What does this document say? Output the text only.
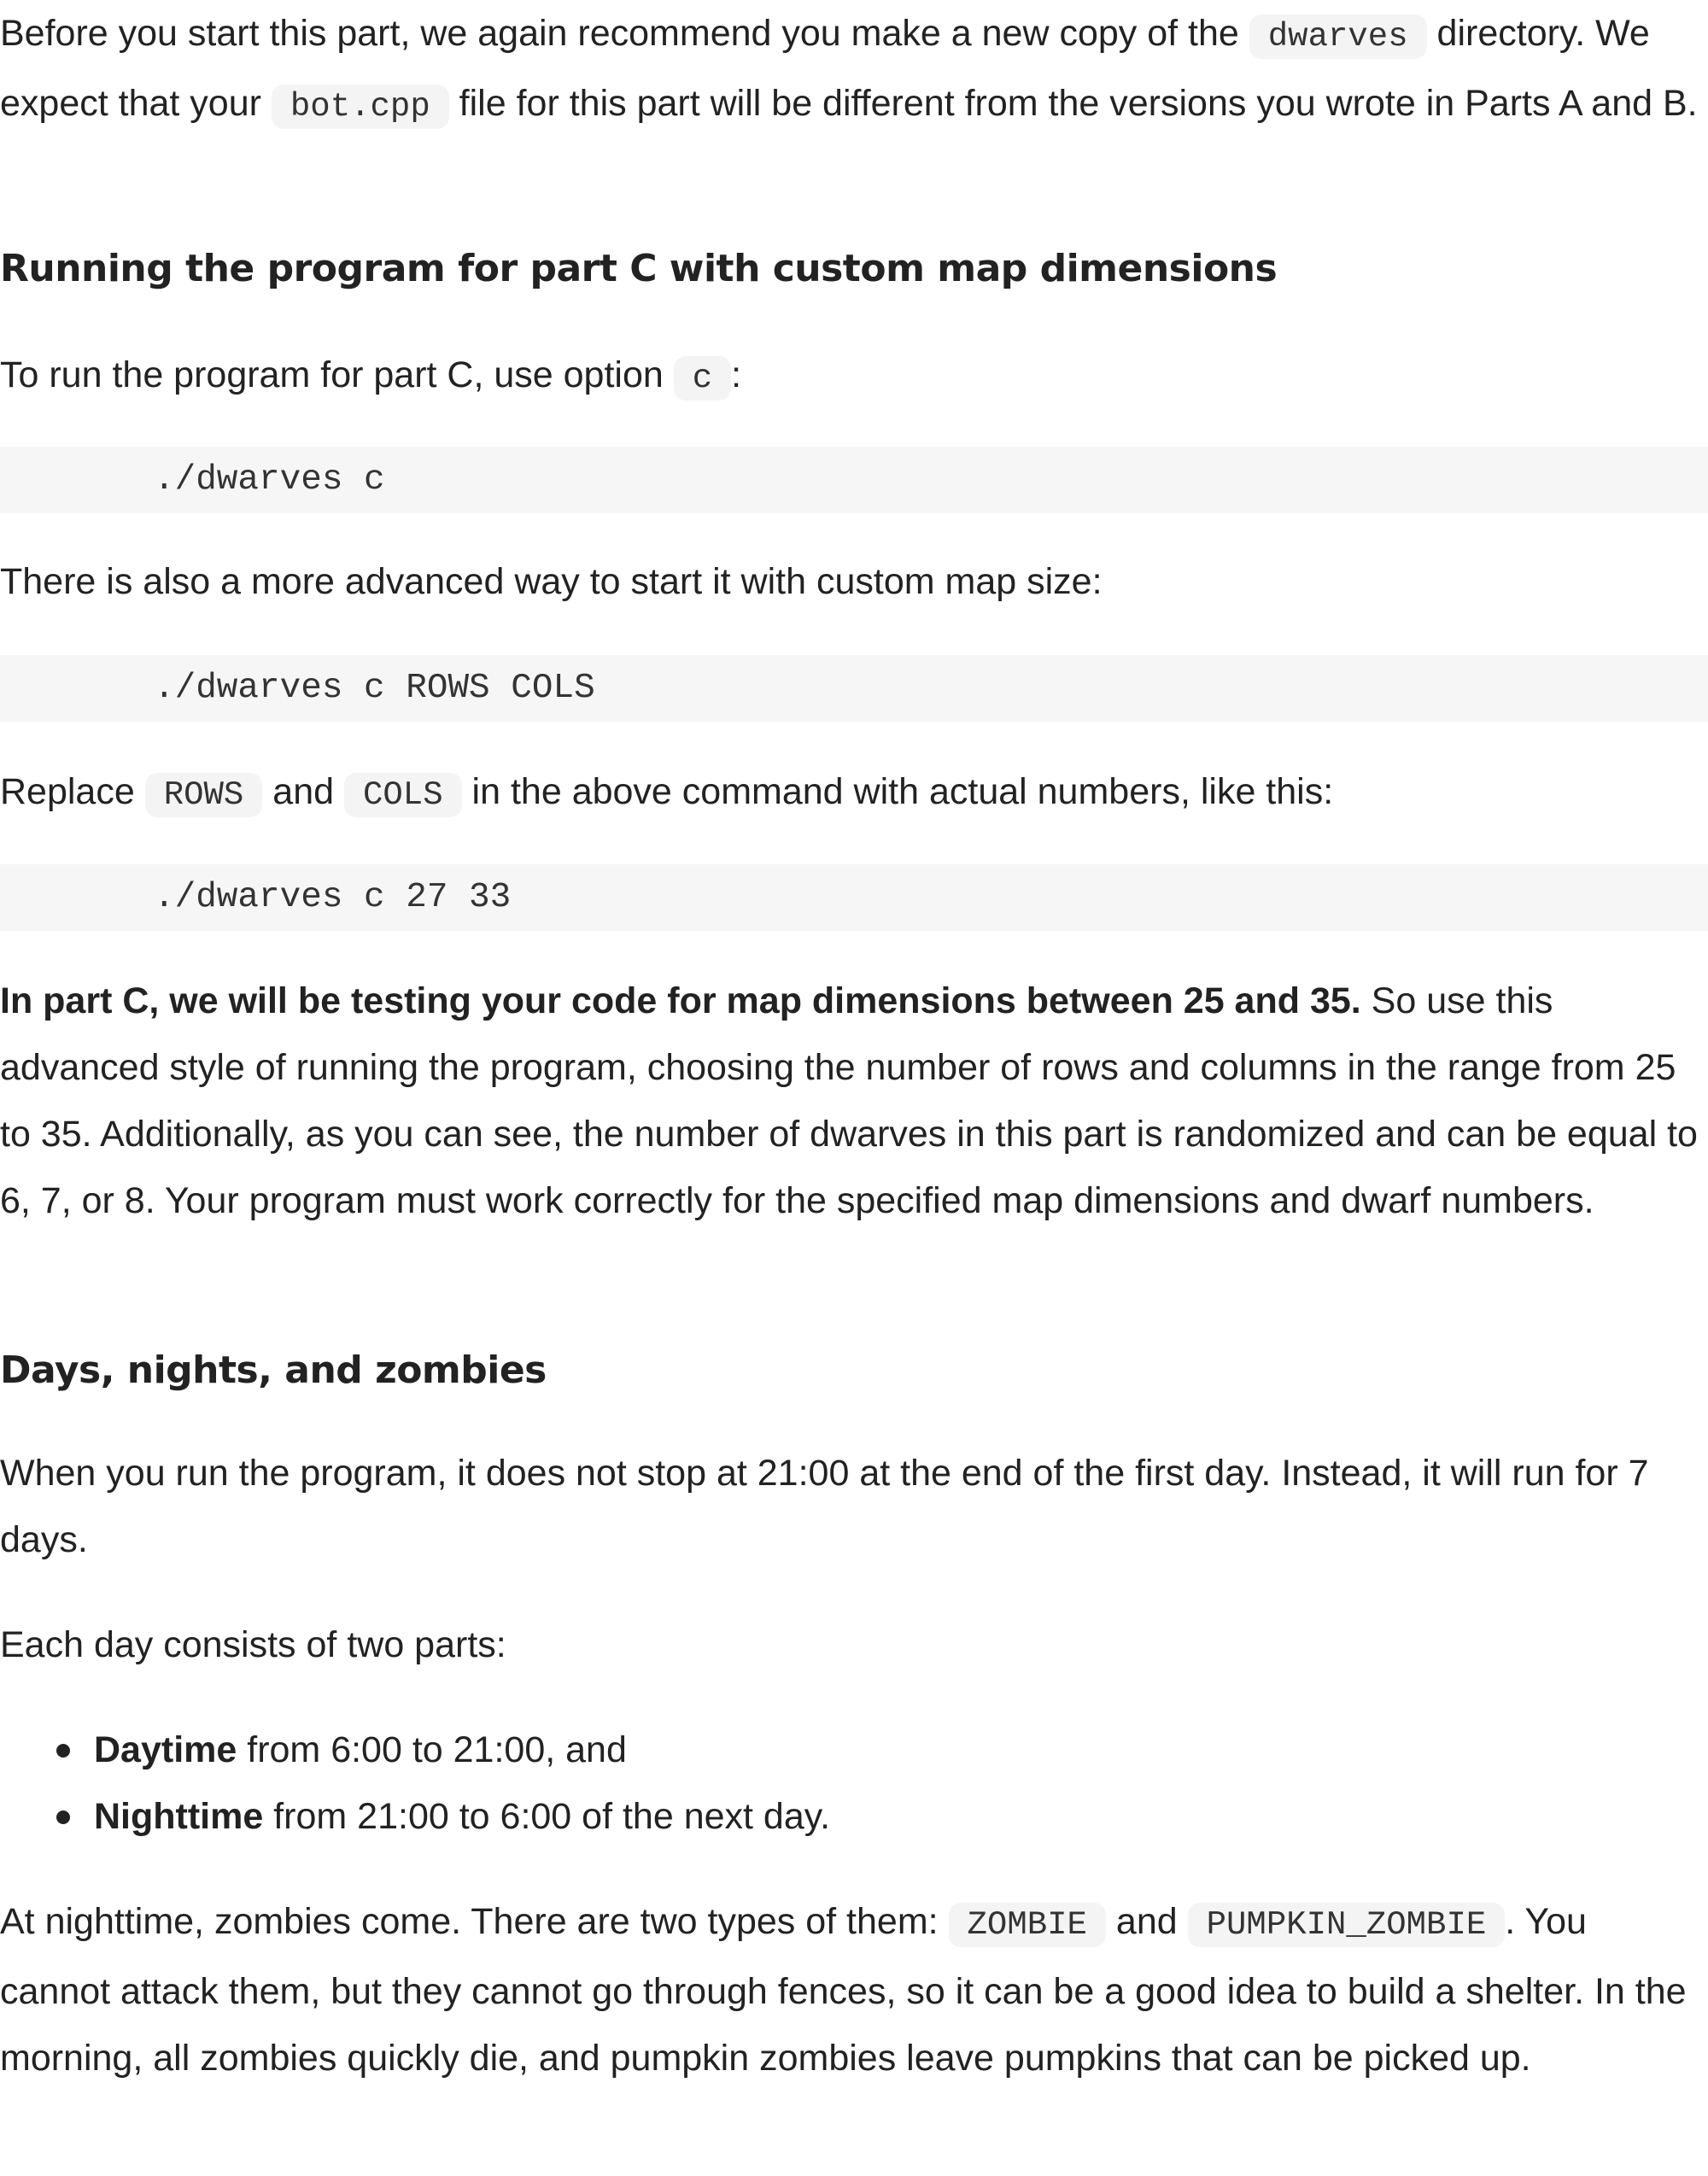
Before you start this part, we again recommend you make a new copy of the dwarves directory. We expect that your bot.cpp file for this part will be different from the versions you wrote in Parts A and B.

Running the program for part C with custom map dimensions

To run the program for part C, use option c :

./dwarves c

There is also a more advanced way to start it with custom map size:

./dwarves c ROWS COLS

Replace ROWS and COLS in the above command with actual numbers, like this:

./dwarves c 27 33

In part C, we will be testing your code for map dimensions between 25 and 35. So use this advanced style of running the program, choosing the number of rows and columns in the range from 25 to 35. Additionally, as you can see, the number of dwarves in this part is randomized and can be equal to 6, 7, or 8. Your program must work correctly for the specified map dimensions and dwarf numbers.

Days, nights, and zombies

When you run the program, it does not stop at 21:00 at the end of the first day. Instead, it will run for 7 days.

Each day consists of two parts:

Daytime from 6:00 to 21:00, and
Nighttime from 21:00 to 6:00 of the next day.

At nighttime, zombies come. There are two types of them: ZOMBIE and PUMPKIN_ZOMBIE . You cannot attack them, but they cannot go through fences, so it can be a good idea to build a shelter. In the morning, all zombies quickly die, and pumpkin zombies leave pumpkins that can be picked up.
